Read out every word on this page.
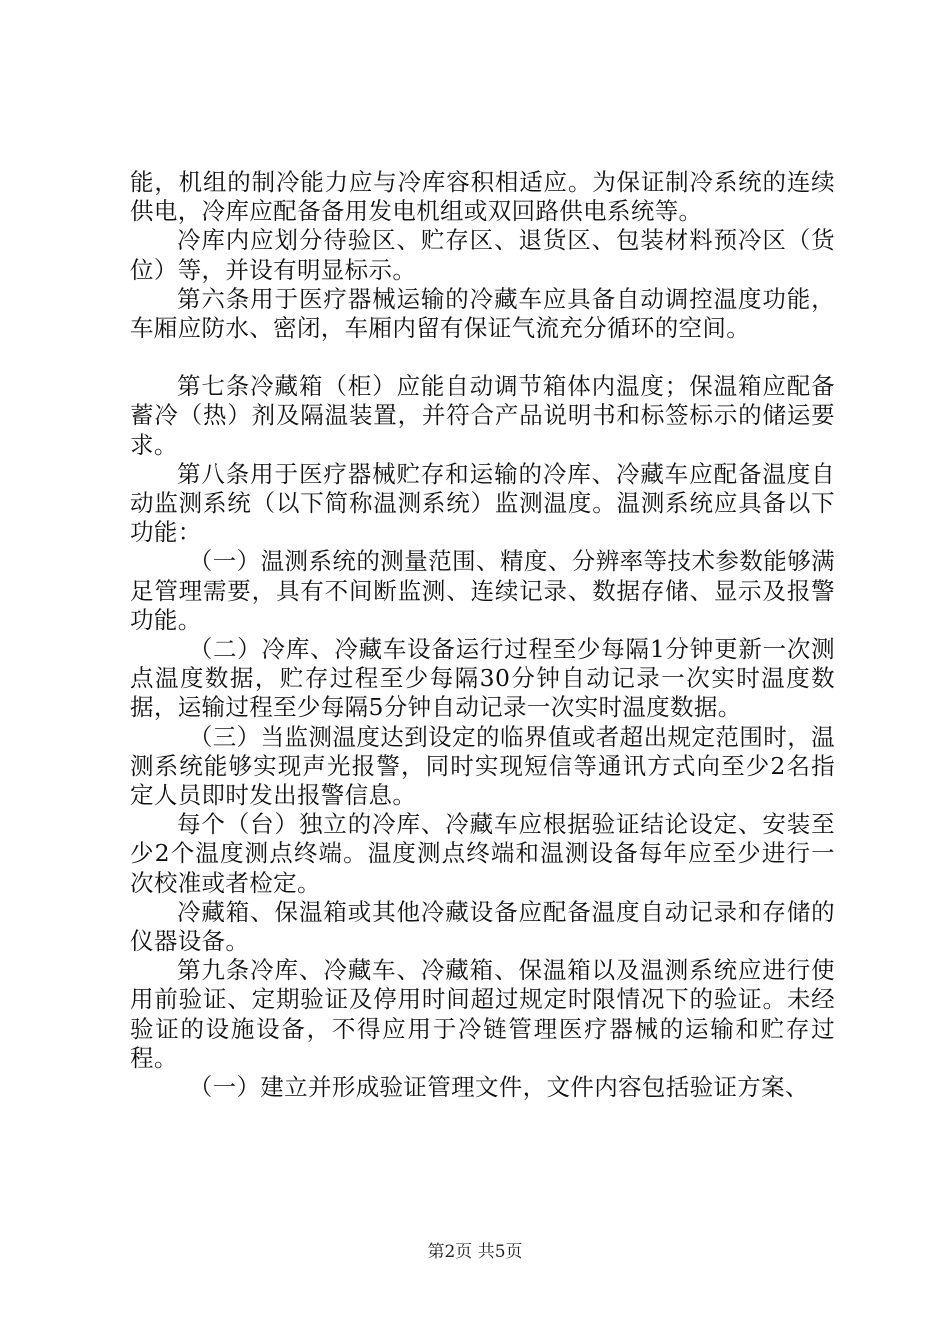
能，机组的制冷能力应与冷库容积相适应。为保证制冷系统的连续供电，冷库应配备备用发电机组或双回路供电系统等。

冷库内应划分待验区、贮存区、退货区、包装材料预冷区（货位）等，并设有明显标示。

第六条用于医疗器械运输的冷藏车应具备自动调控温度功能，车厢应防水、密闭，车厢内留有保证气流充分循环的空间。

第七条冷藏箱（柜）应能自动调节箱体内温度；保温箱应配备蓄冷（热）剂及隔温装置，并符合产品说明书和标签标示的储运要求。

第八条用于医疗器械贮存和运输的冷库、冷藏车应配备温度自动监测系统（以下简称温测系统）监测温度。温测系统应具备以下功能：

（一）温测系统的测量范围、精度、分辨率等技术参数能够满足管理需要，具有不间断监测、连续记录、数据存储、显示及报警功能。

（二）冷库、冷藏车设备运行过程至少每隔1分钟更新一次测点温度数据，贮存过程至少每隔30分钟自动记录一次实时温度数据，运输过程至少每隔5分钟自动记录一次实时温度数据。

（三）当监测温度达到设定的临界值或者超出规定范围时，温测系统能够实现声光报警，同时实现短信等通讯方式向至少2名指定人员即时发出报警信息。

每个（台）独立的冷库、冷藏车应根据验证结论设定、安装至少2个温度测点终端。温度测点终端和温测设备每年应至少进行一次校准或者检定。

冷藏箱、保温箱或其他冷藏设备应配备温度自动记录和存储的仪器设备。

第九条冷库、冷藏车、冷藏箱、保温箱以及温测系统应进行使用前验证、定期验证及停用时间超过规定时限情况下的验证。未经验证的设施设备，不得应用于冷链管理医疗器械的运输和贮存过程。

（一）建立并形成验证管理文件，文件内容包括验证方案、

第2页 共5页
